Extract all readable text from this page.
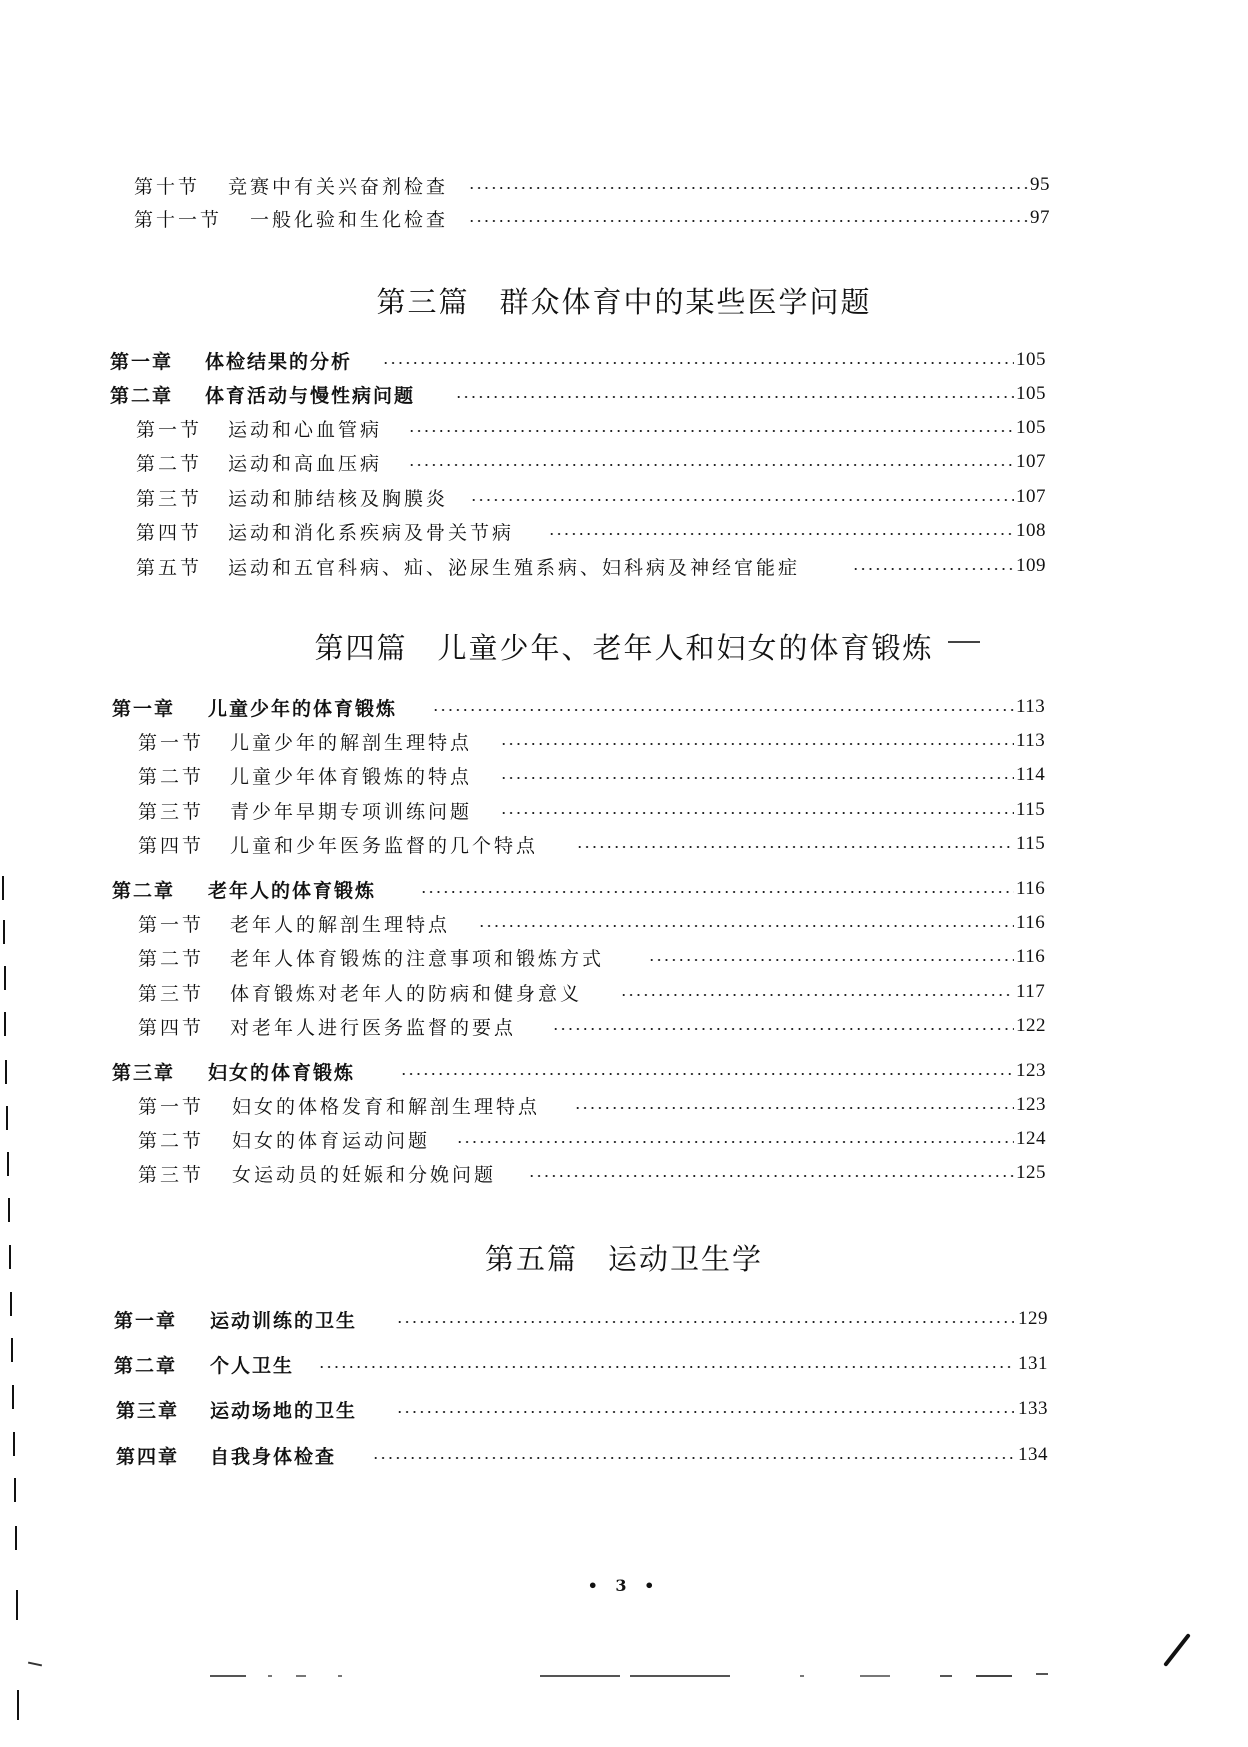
第十节 竞赛中有关兴奋剂检查	95
第十一节 一般化验和生化检查	97
第三篇 群众体育中的某些医学问题
第一章 体检结果的分析	105
第二章 体育活动与慢性病问题	105
第一节 运动和心血管病	105
第二节 运动和高血压病	107
第三节 运动和肺结核及胸膜炎	107
第四节 运动和消化系疾病及骨关节病	108
第五节 运动和五官科病、疝、泌尿生殖系病、妇科病及神经官能症	109
第四篇 儿童少年、老年人和妇女的体育锻炼
第一章 儿童少年的体育锻炼	113
第一节 儿童少年的解剖生理特点	113
第二节 儿童少年体育锻炼的特点	114
第三节 青少年早期专项训练问题	115
第四节 儿童和少年医务监督的几个特点	115
第二章 老年人的体育锻炼	116
第一节 老年人的解剖生理特点	116
第二节 老年人体育锻炼的注意事项和锻炼方式	116
第三节 体育锻炼对老年人的防病和健身意义	117
第四节 对老年人进行医务监督的要点	122
第三章 妇女的体育锻炼	123
第一节 妇女的体格发育和解剖生理特点	123
第二节 妇女的体育运动问题	124
第三节 女运动员的妊娠和分娩问题	125
第五篇 运动卫生学
第一章 运动训练的卫生	129
第二章 个人卫生	131
第三章 运动场地的卫生	133
第四章 自我身体检查	134
• 3 •
